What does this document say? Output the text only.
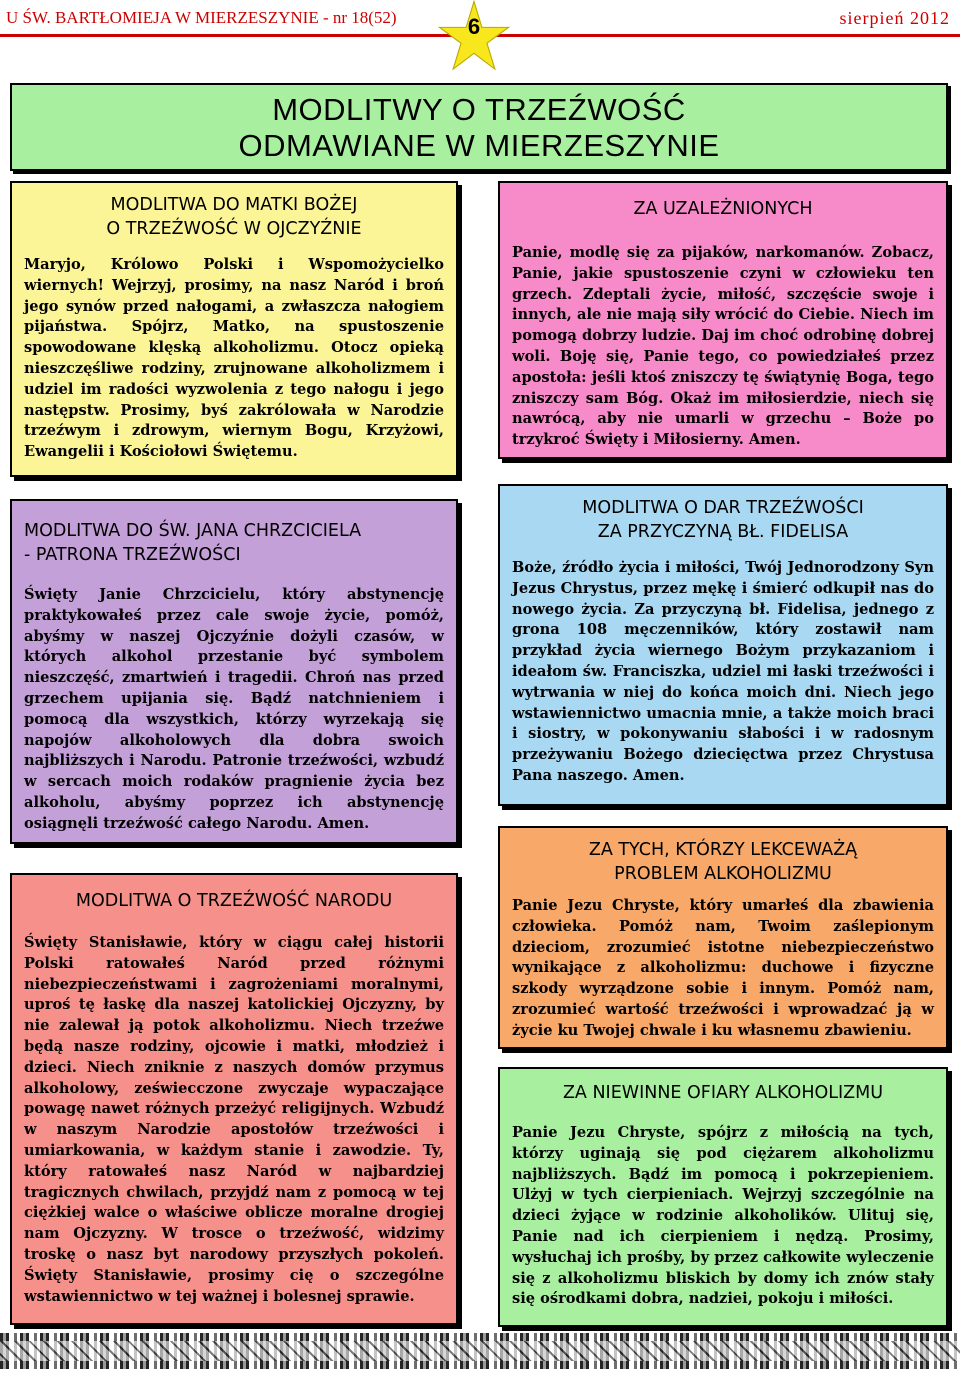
U ŚW. BARTŁOMIEJA W MIERZESZYNIE - nr 18(52)	sierpień 2012
6
MODLITWY O TRZEŹWOŚĆ
ODMAWIANE W MIERZESZYNIE
MODLITWA DO MATKI BOŻEJ
O TRZEŹWOŚĆ W OJCZYŹNIE

Maryjo, Królowo Polski i Wspomożycielko wiernych! Wejrzyj, prosimy, na nasz Naród i broń jego synów przed nałogami, a zwłaszcza nałogiem pijaństwa. Spójrz, Matko, na spustoszenie spowodowane klęską alkoholizmu. Otocz opieką nieszczęśliwe rodziny, zrujnowane alkoholizmem i udziel im radości wyzwolenia z tego nałogu i jego następstw. Prosimy, byś zakrólowała w Narodzie trzeźwym i zdrowym, wiernym Bogu, Krzyżowi, Ewangelii i Kościołowi Świętemu.

MODLITWA DO ŚW. JANA CHRZCICIELA
- PATRONA TRZEŹWOŚCI

Święty Janie Chrzcicielu, który abstynencję praktykowałeś przez cale swoje życie, pomóż, abyśmy w naszej Ojczyźnie dożyli czasów, w których alkohol przestanie być symbolem nieszczęść, zmartwień i tragedii. Chroń nas przed grzechem upijania się. Bądź natchnieniem i pomocą dla wszystkich, którzy wyrzekają się napojów alkoholowych dla dobra swoich najbliższych i Narodu. Patronie trzeźwości, wzbudź w sercach moich rodaków pragnienie życia bez alkoholu, abyśmy poprzez ich abstynencję osiągnęli trzeźwość całego Narodu. Amen.

MODLITWA O TRZEŹWOŚĆ NARODU

Święty Stanisławie, który w ciągu całej historii Polski ratowałeś Naród przed różnymi niebezpieczeństwami i zagrożeniami moralnymi, uproś tę łaskę dla naszej katolickiej Ojczyzny, by nie zalewał ją potok alkoholizmu. Niech trzeźwe będą nasze rodziny, ojcowie i matki, młodzież i dzieci. Niech zniknie z naszych domów przymus alkoholowy, zeświecczone zwyczaje wypaczające powagę nawet różnych przeżyć religijnych. Wzbudź w naszym Narodzie apostołów trzeźwości i umiarkowania, w każdym stanie i zawodzie. Ty, który ratowałeś nasz Naród w najbardziej tragicznych chwilach, przyjdź nam z pomocą w tej ciężkiej walce o właściwe oblicze moralne drogiej nam Ojczyzny. W trosce o trzeźwość, widzimy troskę o nasz byt narodowy przyszłych pokoleń. Święty Stanisławie, prosimy cię o szczególne wstawiennictwo w tej ważnej i bolesnej sprawie.

ZA UZALEŻNIONYCH

Panie, modlę się za pijaków, narkomanów. Zobacz, Panie, jakie spustoszenie czyni w człowieku ten grzech. Zdeptali życie, miłość, szczęście swoje i innych, ale nie mają siły wrócić do Ciebie. Niech im pomogą dobrzy ludzie. Daj im choć odrobinę dobrej woli. Boję się, Panie tego, co powiedziałeś przez apostoła: jeśli ktoś zniszczy tę świątynię Boga, tego zniszczy sam Bóg. Okaż im miłosierdzie, niech się nawrócą, aby nie umarli w grzechu – Boże po trzykroć Święty i Miłosierny. Amen.

MODLITWA O DAR TRZEŹWOŚCI
ZA PRZYCZYNĄ BŁ. FIDELISA

Boże, źródło życia i miłości, Twój Jednorodzony Syn Jezus Chrystus, przez mękę i śmierć odkupił nas do nowego życia. Za przyczyną bł. Fidelisa, jednego z grona 108 męczenników, który zostawił nam przykład życia wiernego Bożym przykazaniom i ideałom św. Franciszka, udziel mi łaski trzeźwości i wytrwania w niej do końca moich dni. Niech jego wstawiennictwo umacnia mnie, a także moich braci i siostry, w pokonywaniu słabości i w radosnym przeżywaniu Bożego dziecięctwa przez Chrystusa Pana naszego. Amen.

ZA TYCH, KTÓRZY LEKCEWAŻĄ
PROBLEM ALKOHOLIZMU

Panie Jezu Chryste, który umarłeś dla zbawienia człowieka. Pomóż nam, Twoim zaślepionym dzieciom, zrozumieć istotne niebezpieczeństwo wynikające z alkoholizmu: duchowe i fizyczne szkody wyrządzone sobie i innym. Pomóż nam, zrozumieć wartość trzeźwości i wprowadzać ją w życie ku Twojej chwale i ku własnemu zbawieniu.

ZA NIEWINNE OFIARY ALKOHOLIZMU

Panie Jezu Chryste, spójrz z miłością na tych, którzy uginają się pod ciężarem alkoholizmu najbliższych. Bądź im pomocą i pokrzepieniem. Ulżyj w tych cierpieniach. Wejrzyj szczególnie na dzieci żyjące w rodzinie alkoholików. Ulituj się, Panie nad ich cierpieniem i nędzą. Prosimy, wysłuchaj ich prośby, by przez całkowite wyleczenie się z alkoholizmu bliskich by domy ich znów stały się ośrodkami dobra, nadziei, pokoju i miłości.
